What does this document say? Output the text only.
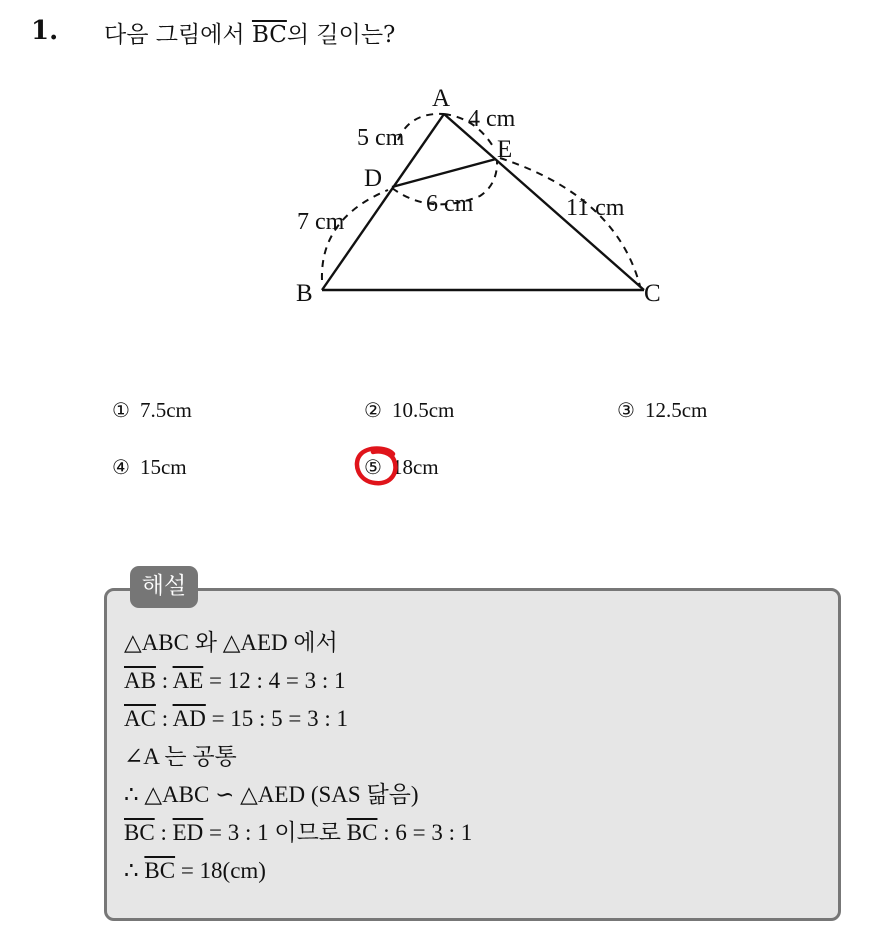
1. 다음 그림에서 $\overline{BC}$의 길이는?
A
B	C
D
E
5 cm
4 cm
6 cm
7 cm
11 cm
① 7.5cm	② 10.5cm	③ 12.5cm
④ 15cm	⑤ 18cm
해설
△ABC 와 △AED 에서
$\overline{AB}$ : $\overline{AE} = 12$ : 4 = 3 : 1
$\overline{AC}$ : $\overline{AD} = 15$ : 5 = 3 : 1
∠A 는 공통
∴ △ABC ∽ △AED (SAS 닮음)
$\overline{BC}$ : $\overline{ED} = 3$ : 1 이므로 $\overline{BC}$ : 6 = 3 : 1
∴ $\overline{BC} = 18(cm)$
